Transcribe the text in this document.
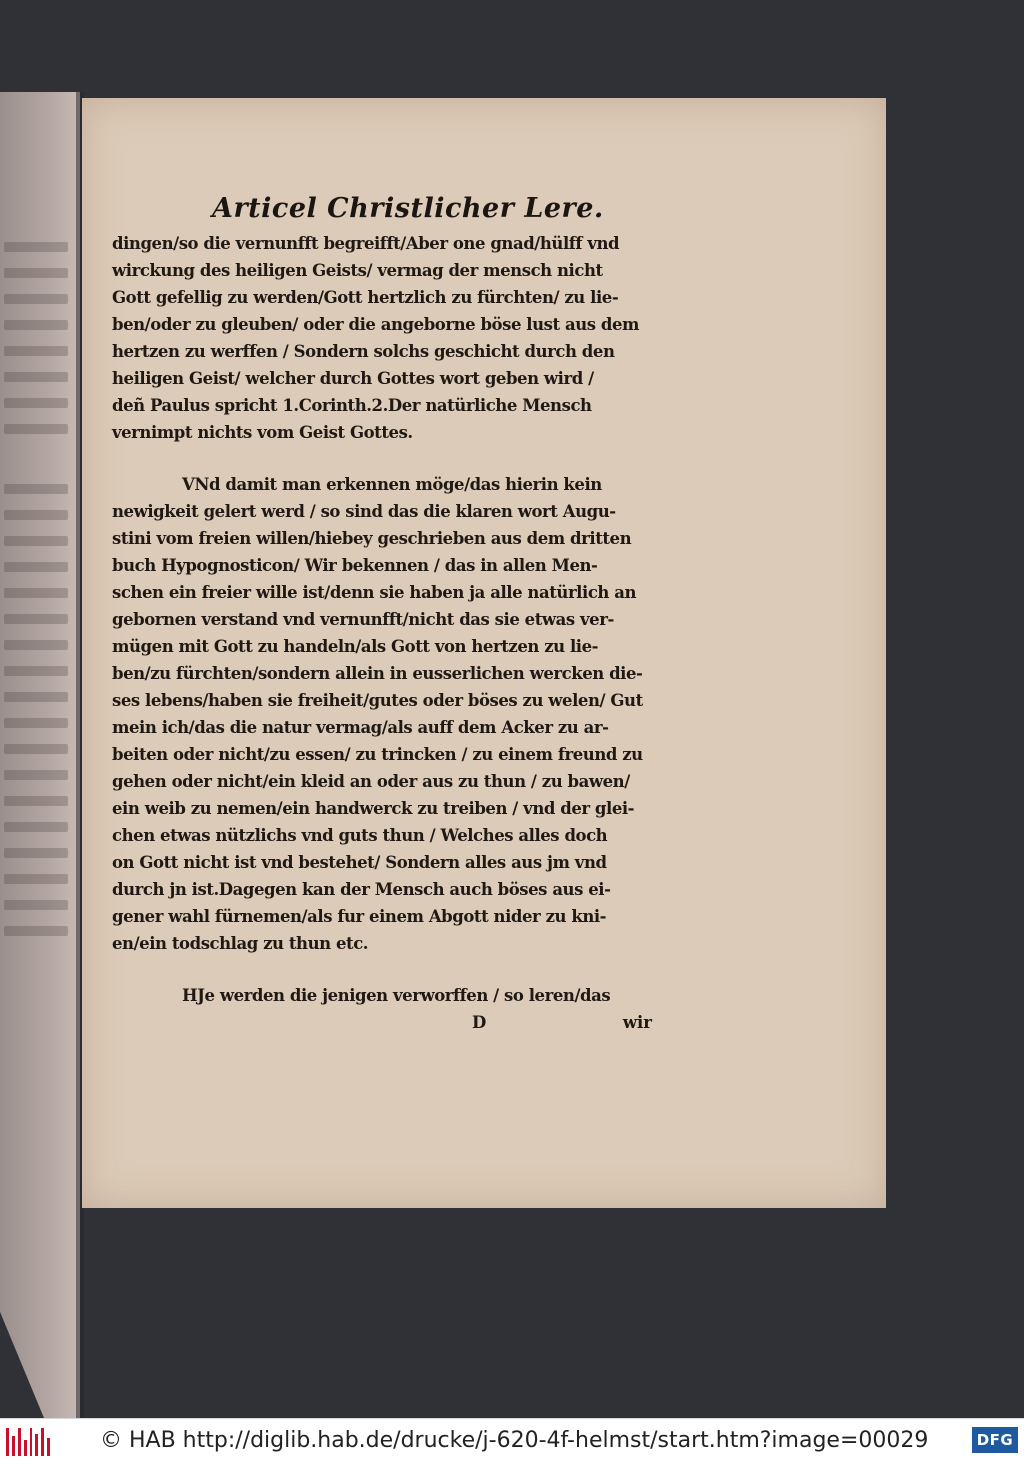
Articel Christlicher Lere.
dingen/so die vernunfft begreifft/Aber one gnad/hülff vnd
wirckung des heiligen Geists/ vermag der mensch nicht
Gott gefellig zu werden/Gott hertzlich zu fürchten/ zu lie-
ben/oder zu gleuben/ oder die angeborne böse lust aus dem
hertzen zu werffen / Sondern solchs geschicht durch den
heiligen Geist/ welcher durch Gottes wort geben wird /
deñ Paulus spricht 1.Corinth.2.Der natürliche Mensch
vernimpt nichts vom Geist Gottes.
VNd damit man erkennen möge/das hierin kein
newigkeit gelert werd / so sind das die klaren wort Augu-
stini vom freien willen/hiebey geschrieben aus dem dritten
buch Hypognosticon/ Wir bekennen / das in allen Men-
schen ein freier wille ist/denn sie haben ja alle natürlich an
gebornen verstand vnd vernunfft/nicht das sie etwas ver-
mügen mit Gott zu handeln/als Gott von hertzen zu lie-
ben/zu fürchten/sondern allein in eusserlichen wercken die-
ses lebens/haben sie freiheit/gutes oder böses zu welen/ Gut
mein ich/das die natur vermag/als auff dem Acker zu ar-
beiten oder nicht/zu essen/ zu trincken / zu einem freund zu
gehen oder nicht/ein kleid an oder aus zu thun / zu bawen/
ein weib zu nemen/ein handwerck zu treiben / vnd der glei-
chen etwas nützlichs vnd guts thun / Welches alles doch
on Gott nicht ist vnd bestehet/ Sondern alles aus jm vnd
durch jn ist.Dagegen kan der Mensch auch böses aus ei-
gener wahl fürnemen/als fur einem Abgott nider zu kni-
en/ein todschlag zu thun etc.
HJe werden die jenigen verworffen / so leren/das
D	wir
© HAB http://diglib.hab.de/drucke/j-620-4f-helmst/start.htm?image=00029	DFG
